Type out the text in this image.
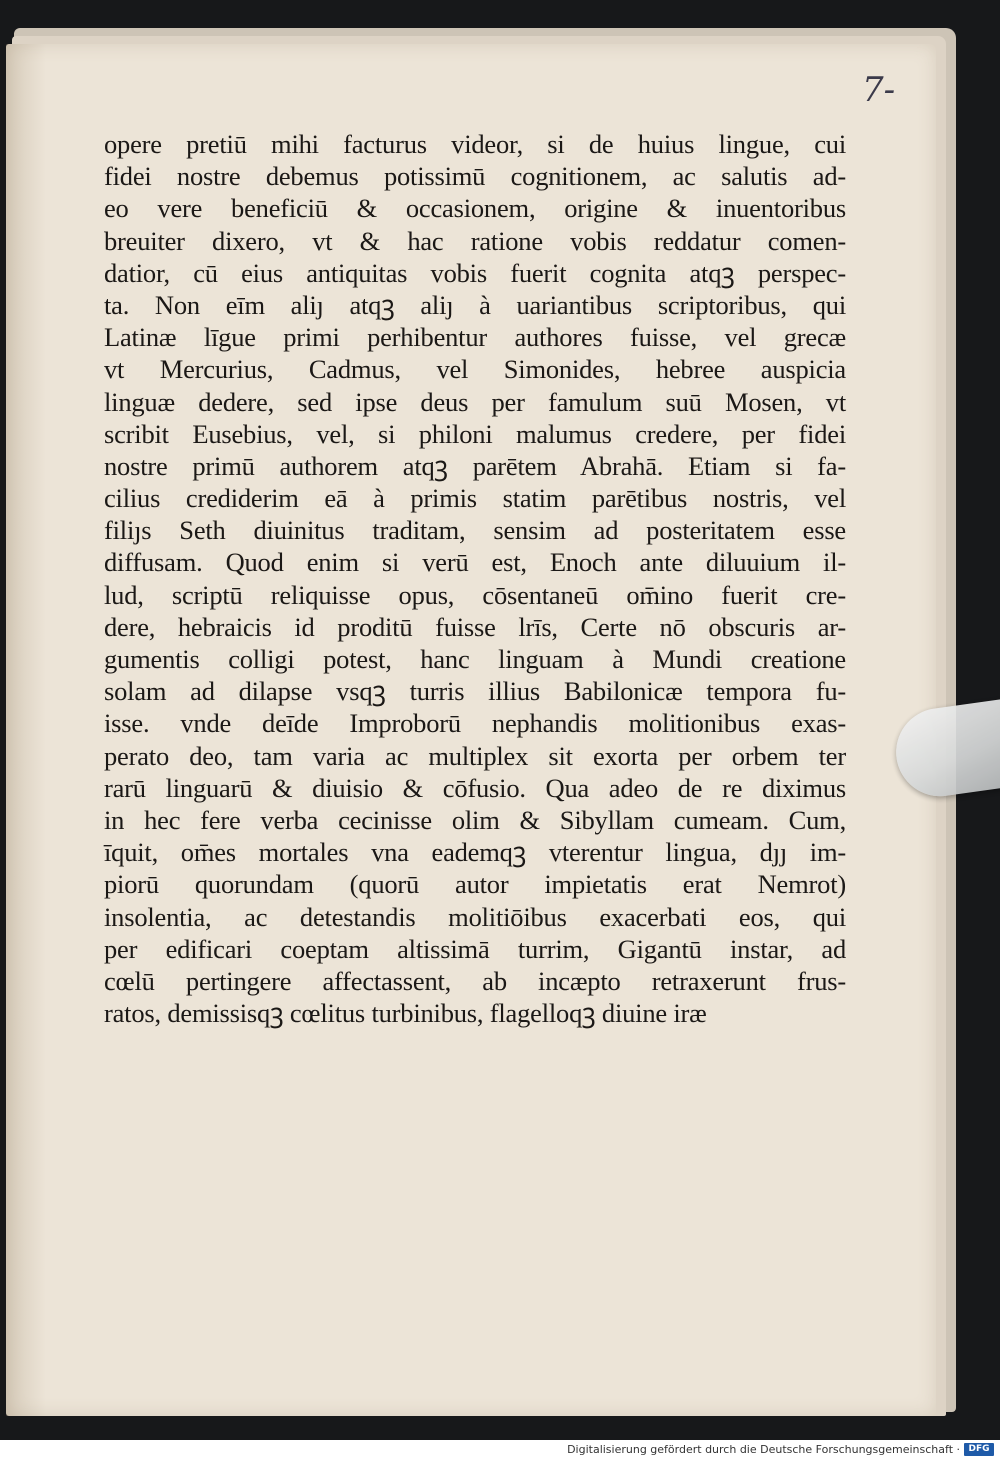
7-
opere pretiū mihi facturus videor, si de huius lingue, cui
fidei nostre debemus potissimū cognitionem, ac salutis ad-
eo vere beneficiū & occasionem, origine & inuentoribus
breuiter dixero, vt & hac ratione vobis reddatur comen-
datior, cū eius antiquitas vobis fuerit cognita atqꝫ perspec-
ta. Non eīm aliȷ atqꝫ aliȷ à uariantibus scriptoribus, qui
Latinæ līgue primi perhibentur authores fuisse, vel grecæ
vt Mercurius, Cadmus, vel Simonides, hebree auspicia
linguæ dedere, sed ipse deus per famulum suū Mosen, vt
scribit Eusebius, vel, si philoni malumus credere, per fidei
nostre primū authorem atqꝫ parētem Abrahā. Etiam si fa-
cilius crediderim eā à primis statim parētibus nostris, vel
filiȷs Seth diuinitus traditam, sensim ad posteritatem esse
diffusam. Quod enim si verū est, Enoch ante diluuium il-
lud, scriptū reliquisse opus, cōsentaneū om̄ino fuerit cre-
dere, hebraicis id proditū fuisse lrīs, Certe nō obscuris ar-
gumentis colligi potest, hanc linguam à Mundi creatione
solam ad dilapse vsqꝫ turris illius Babilonicæ tempora fu-
isse. vnde deīde Improborū nephandis molitionibus exas-
perato deo, tam varia ac multiplex sit exorta per orbem ter
rarū linguarū & diuisio & cōfusio. Qua adeo de re diximus
in hec fere verba cecinisse olim & Sibyllam cumeam. Cum,
īquit, om̄es mortales vna eademqꝫ vterentur lingua, dȷȷ im-
piorū quorundam (quorū autor impietatis erat Nemrot)
insolentia, ac detestandis molitiōibus exacerbati eos, qui
per edificari coeptam altissimā turrim, Gigantū instar, ad
cœlū pertingere affectassent, ab incæpto retraxerunt frus-
ratos, demissisqꝫ cœlitus turbinibus, flagelloqꝫ diuine iræ
Digitalisierung gefördert durch die Deutsche Forschungsgemeinschaft · DFG
